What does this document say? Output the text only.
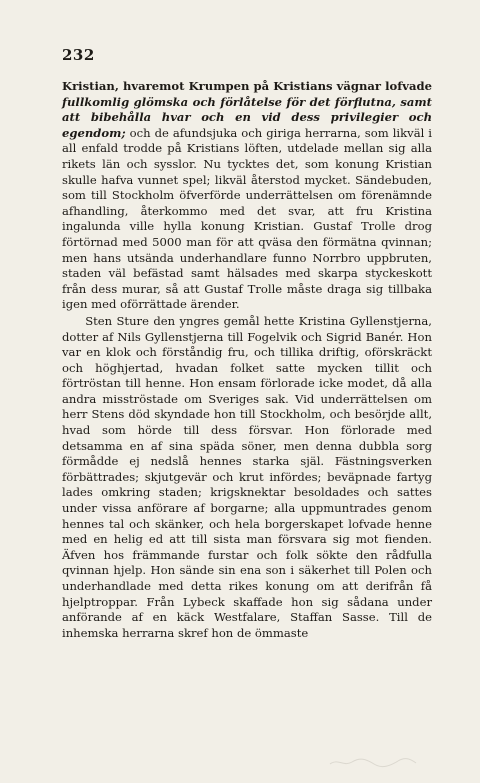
232

Kristian, hvaremot Krumpen på Kristians vägnar lofvade fullkomlig glömska och förlåtelse för det förflutna, samt att bibehålla hvar och en vid dess privilegier och egendom; och de afundsjuka och giriga herrarna, som likväl i all enfald trodde på Kristians löften, utdelade mellan sig alla rikets län och sysslor. Nu tycktes det, som konung Kristian skulle hafva vunnet spel; likväl återstod mycket. Sändebuden, som till Stockholm öfverförde underrättelsen om förenämnde afhandling, återkommo med det svar, att fru Kristina ingalunda ville hylla konung Kristian. Gustaf Trolle drog förtörnad med 5000 man för att qväsa den förmätna qvinnan; men hans utsända underhandlare funno Norrbro uppbruten, staden väl befästad samt hälsades med skarpa styckeskott från dess murar, så att Gustaf Trolle måste draga sig tillbaka igen med oförrättade ärender.

Sten Sture den yngres gemål hette Kristina Gyllenstjerna, dotter af Nils Gyllenstjerna till Fogelvik och Sigrid Banér. Hon var en klok och förståndig fru, och tillika driftig, oförskräckt och höghjertad, hvadan folket satte mycken tillit och förtröstan till henne. Hon ensam förlorade icke modet, då alla andra misströstade om Sveriges sak. Vid underrättelsen om herr Stens död skyndade hon till Stockholm, och besörjde allt, hvad som hörde till dess försvar. Hon förlorade med detsamma en af sina späda söner, men denna dubbla sorg förmådde ej nedslå hennes starka själ. Fästningsverken förbättrades; skjutgevär och krut infördes; beväpnade fartyg lades omkring staden; krigsknektar besoldades och sattes under vissa anförare af borgarne; alla uppmuntrades genom hennes tal och skänker, och hela borgerskapet lofvade henne med en helig ed att till sista man försvara sig mot fienden. Äfven hos främmande furstar och folk sökte den rådfulla qvinnan hjelp. Hon sände sin ena son i säkerhet till Polen och underhandlade med detta rikes konung om att derifrån få hjelptroppar. Från Lybeck skaffade hon sig sådana under anförande af en käck Westfalare, Staffan Sasse. Till de inhemska herrarna skref hon de ömmaste
